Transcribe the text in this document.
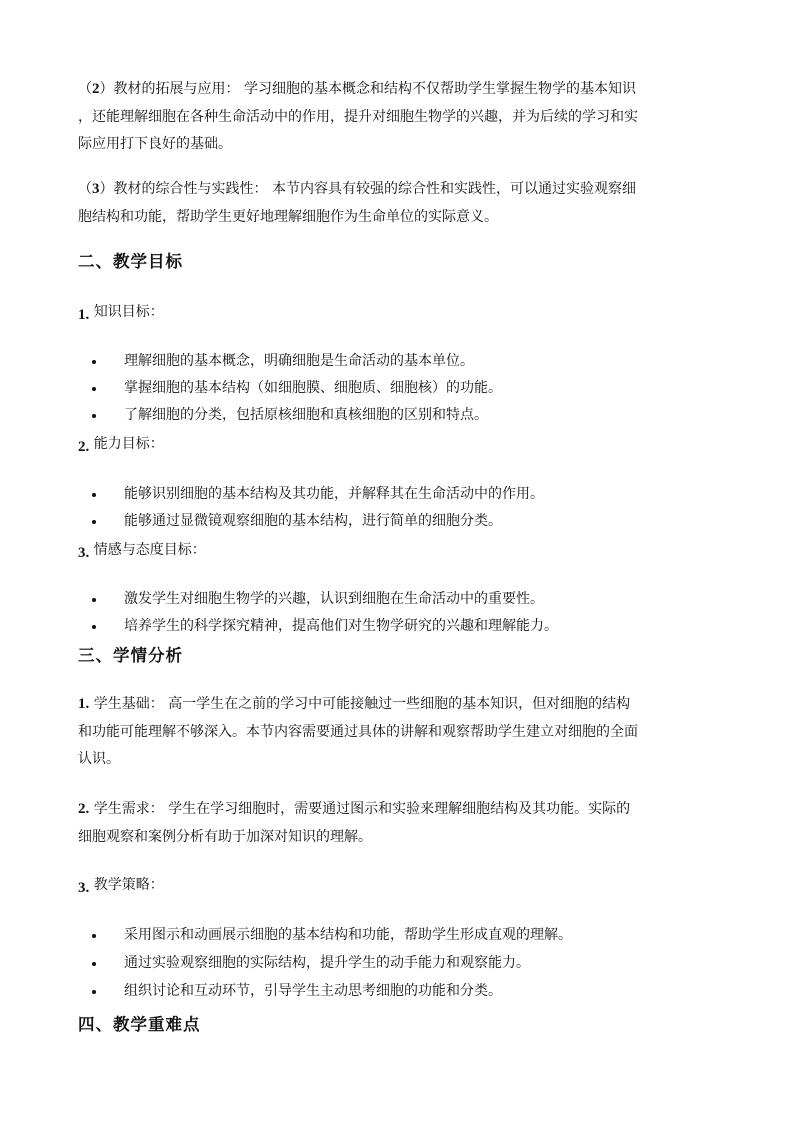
（2）教材的拓展与应用： 学习细胞的基本概念和结构不仅帮助学生掌握生物学的基本知识
，还能理解细胞在各种生命活动中的作用，提升对细胞生物学的兴趣，并为后续的学习和实
际应用打下良好的基础。
（3）教材的综合性与实践性： 本节内容具有较强的综合性和实践性，可以通过实验观察细
胞结构和功能，帮助学生更好地理解细胞作为生命单位的实际意义。
二、教学目标

1. 知识目标：

理解细胞的基本概念，明确细胞是生命活动的基本单位。

掌握细胞的基本结构（如细胞膜、细胞质、细胞核）的功能。

了解细胞的分类，包括原核细胞和真核细胞的区别和特点。

2. 能力目标：

能够识别细胞的基本结构及其功能，并解释其在生命活动中的作用。

能够通过显微镜观察细胞的基本结构，进行简单的细胞分类。

3. 情感与态度目标：

激发学生对细胞生物学的兴趣，认识到细胞在生命活动中的重要性。

培养学生的科学探究精神，提高他们对生物学研究的兴趣和理解能力。

三、学情分析
1. 学生基础： 高一学生在之前的学习中可能接触过一些细胞的基本知识，但对细胞的结构
和功能可能理解不够深入。本节内容需要通过具体的讲解和观察帮助学生建立对细胞的全面
认识。
2. 学生需求： 学生在学习细胞时，需要通过图示和实验来理解细胞结构及其功能。实际的
细胞观察和案例分析有助于加深对知识的理解。

3. 教学策略：

采用图示和动画展示细胞的基本结构和功能，帮助学生形成直观的理解。

通过实验观察细胞的实际结构，提升学生的动手能力和观察能力。

组织讨论和互动环节，引导学生主动思考细胞的功能和分类。

四、教学重难点
